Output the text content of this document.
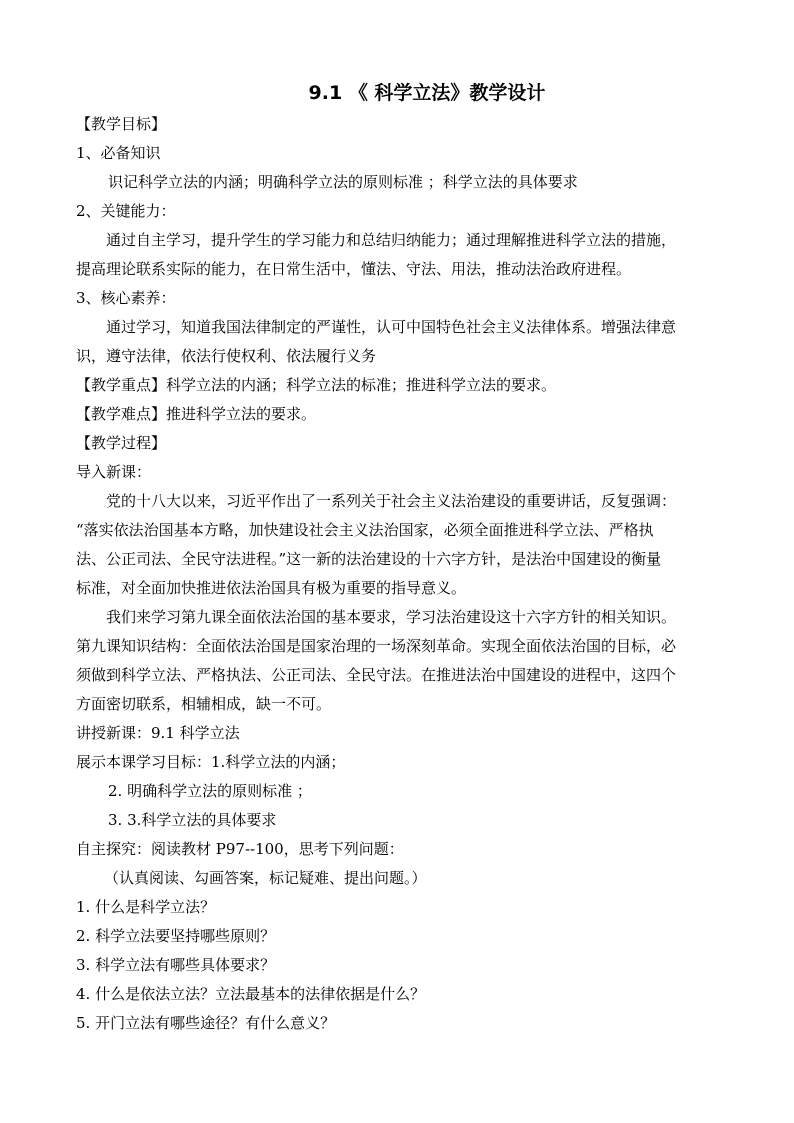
9.1 《 科学立法》教学设计
【教学目标】
1、必备知识
识记科学立法的内涵；明确科学立法的原则标准 ；科学立法的具体要求
2、关键能力：
通过自主学习，提升学生的学习能力和总结归纳能力；通过理解推进科学立法的措施，
提高理论联系实际的能力，在日常生活中，懂法、守法、用法，推动法治政府进程。
3、核心素养：
通过学习，知道我国法律制定的严谨性，认可中国特色社会主义法律体系。增强法律意
识，遵守法律，依法行使权利、依法履行义务
【教学重点】科学立法的内涵；科学立法的标准；推进科学立法的要求。
【教学难点】推进科学立法的要求。
【教学过程】
导入新课：
党的十八大以来，习近平作出了一系列关于社会主义法治建设的重要讲话，反复强调：
“落实依法治国基本方略，加快建设社会主义法治国家，必须全面推进科学立法、严格执
法、公正司法、全民守法进程。”这一新的法治建设的十六字方针，是法治中国建设的衡量
标准，对全面加快推进依法治国具有极为重要的指导意义。
我们来学习第九课全面依法治国的基本要求，学习法治建设这十六字方针的相关知识。
第九课知识结构：全面依法治国是国家治理的一场深刻革命。实现全面依法治国的目标，必
须做到科学立法、严格执法、公正司法、全民守法。在推进法治中国建设的进程中，这四个
方面密切联系，相辅相成，缺一不可。
讲授新课：9.1 科学立法
展示本课学习目标：1.科学立法的内涵；
2. 明确科学立法的原则标准 ；
3. 3.科学立法的具体要求
自主探究：阅读教材 P97--100，思考下列问题：
（认真阅读、勾画答案，标记疑难、提出问题。）
1. 什么是科学立法？
2. 科学立法要坚持哪些原则？
3. 科学立法有哪些具体要求？
4. 什么是依法立法？立法最基本的法律依据是什么？
5. 开门立法有哪些途径？有什么意义？
